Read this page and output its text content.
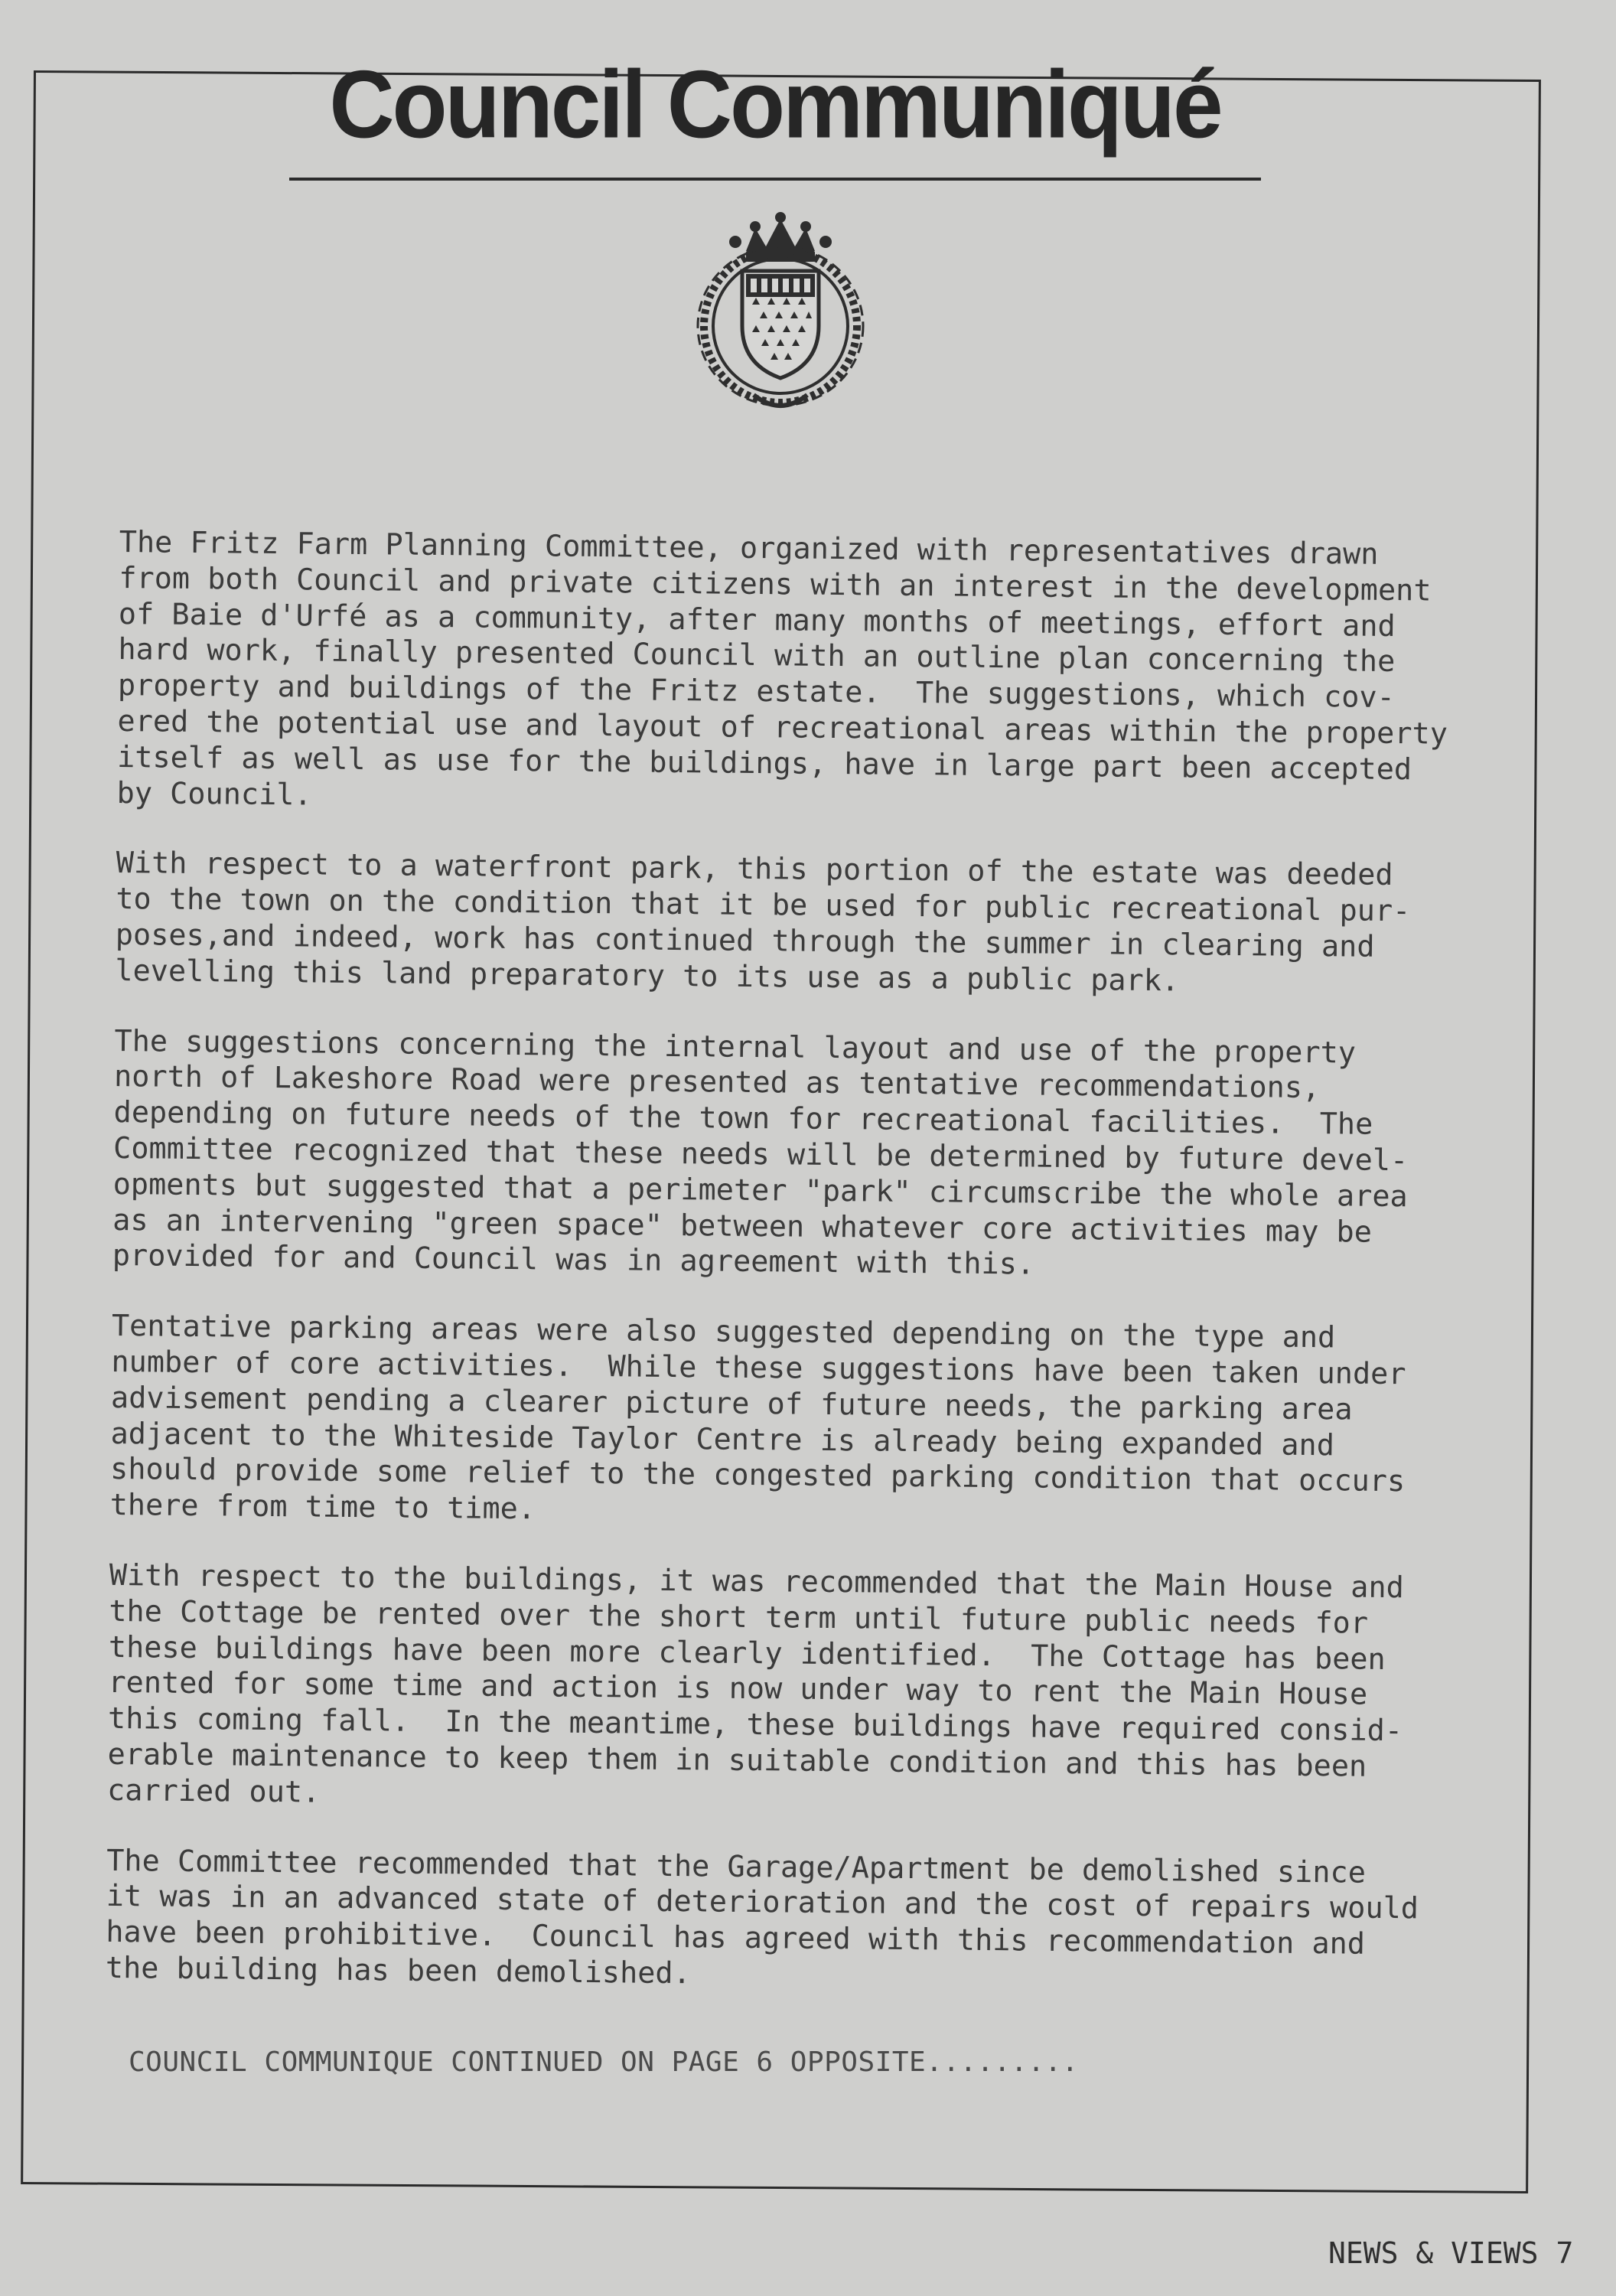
Council Communiqué

The Fritz Farm Planning Committee, organized with representatives drawn
from both Council and private citizens with an interest in the development
of Baie d'Urfé as a community, after many months of meetings, effort and
hard work, finally presented Council with an outline plan concerning the
property and buildings of the Fritz estate.  The suggestions, which cov-
ered the potential use and layout of recreational areas within the property
itself as well as use for the buildings, have in large part been accepted
by Council.

With respect to a waterfront park, this portion of the estate was deeded
to the town on the condition that it be used for public recreational pur-
poses,and indeed, work has continued through the summer in clearing and
levelling this land preparatory to its use as a public park.

The suggestions concerning the internal layout and use of the property
north of Lakeshore Road were presented as tentative recommendations,
depending on future needs of the town for recreational facilities.  The
Committee recognized that these needs will be determined by future devel-
opments but suggested that a perimeter "park" circumscribe the whole area
as an intervening "green space" between whatever core activities may be
provided for and Council was in agreement with this.

Tentative parking areas were also suggested depending on the type and
number of core activities.  While these suggestions have been taken under
advisement pending a clearer picture of future needs, the parking area
adjacent to the Whiteside Taylor Centre is already being expanded and
should provide some relief to the congested parking condition that occurs
there from time to time.

With respect to the buildings, it was recommended that the Main House and
the Cottage be rented over the short term until future public needs for
these buildings have been more clearly identified.  The Cottage has been
rented for some time and action is now under way to rent the Main House
this coming fall.  In the meantime, these buildings have required consid-
erable maintenance to keep them in suitable condition and this has been
carried out.

The Committee recommended that the Garage/Apartment be demolished since
it was in an advanced state of deterioration and the cost of repairs would
have been prohibitive.  Council has agreed with this recommendation and
the building has been demolished.

COUNCIL COMMUNIQUE CONTINUED ON PAGE 6 OPPOSITE.........
NEWS & VIEWS 7
